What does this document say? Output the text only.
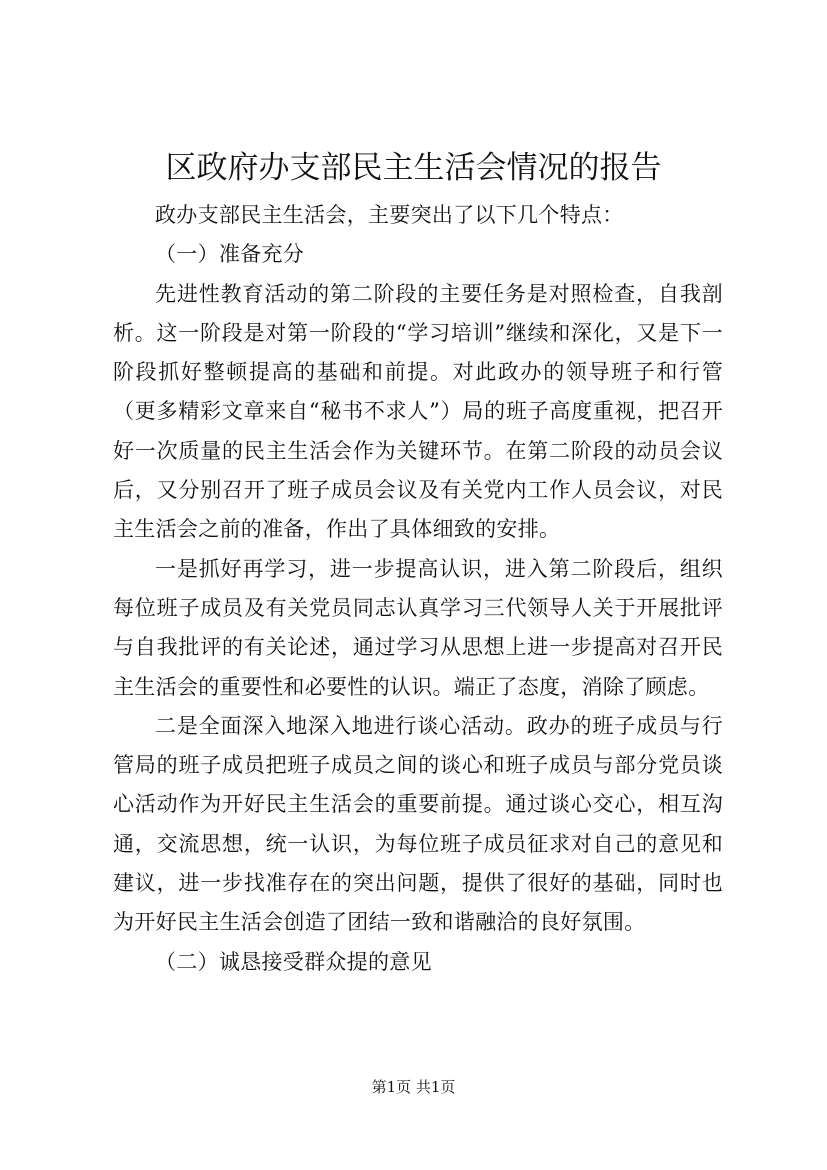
区政府办支部民主生活会情况的报告

政办支部民主生活会，主要突出了以下几个特点：

（一）准备充分

先进性教育活动的第二阶段的主要任务是对照检查，自我剖析。这一阶段是对第一阶段的“学习培训”继续和深化，又是下一阶段抓好整顿提高的基础和前提。对此政办的领导班子和行管（更多精彩文章来自“秘书不求人”）局的班子高度重视，把召开好一次质量的民主生活会作为关键环节。在第二阶段的动员会议后，又分别召开了班子成员会议及有关党内工作人员会议，对民主生活会之前的准备，作出了具体细致的安排。

一是抓好再学习，进一步提高认识，进入第二阶段后，组织每位班子成员及有关党员同志认真学习三代领导人关于开展批评与自我批评的有关论述，通过学习从思想上进一步提高对召开民主生活会的重要性和必要性的认识。端正了态度，消除了顾虑。

二是全面深入地深入地进行谈心活动。政办的班子成员与行管局的班子成员把班子成员之间的谈心和班子成员与部分党员谈心活动作为开好民主生活会的重要前提。通过谈心交心，相互沟通，交流思想，统一认识，为每位班子成员征求对自己的意见和建议，进一步找准存在的突出问题，提供了很好的基础，同时也为开好民主生活会创造了团结一致和谐融洽的良好氛围。

（二）诚恳接受群众提的意见

第1页 共1页
